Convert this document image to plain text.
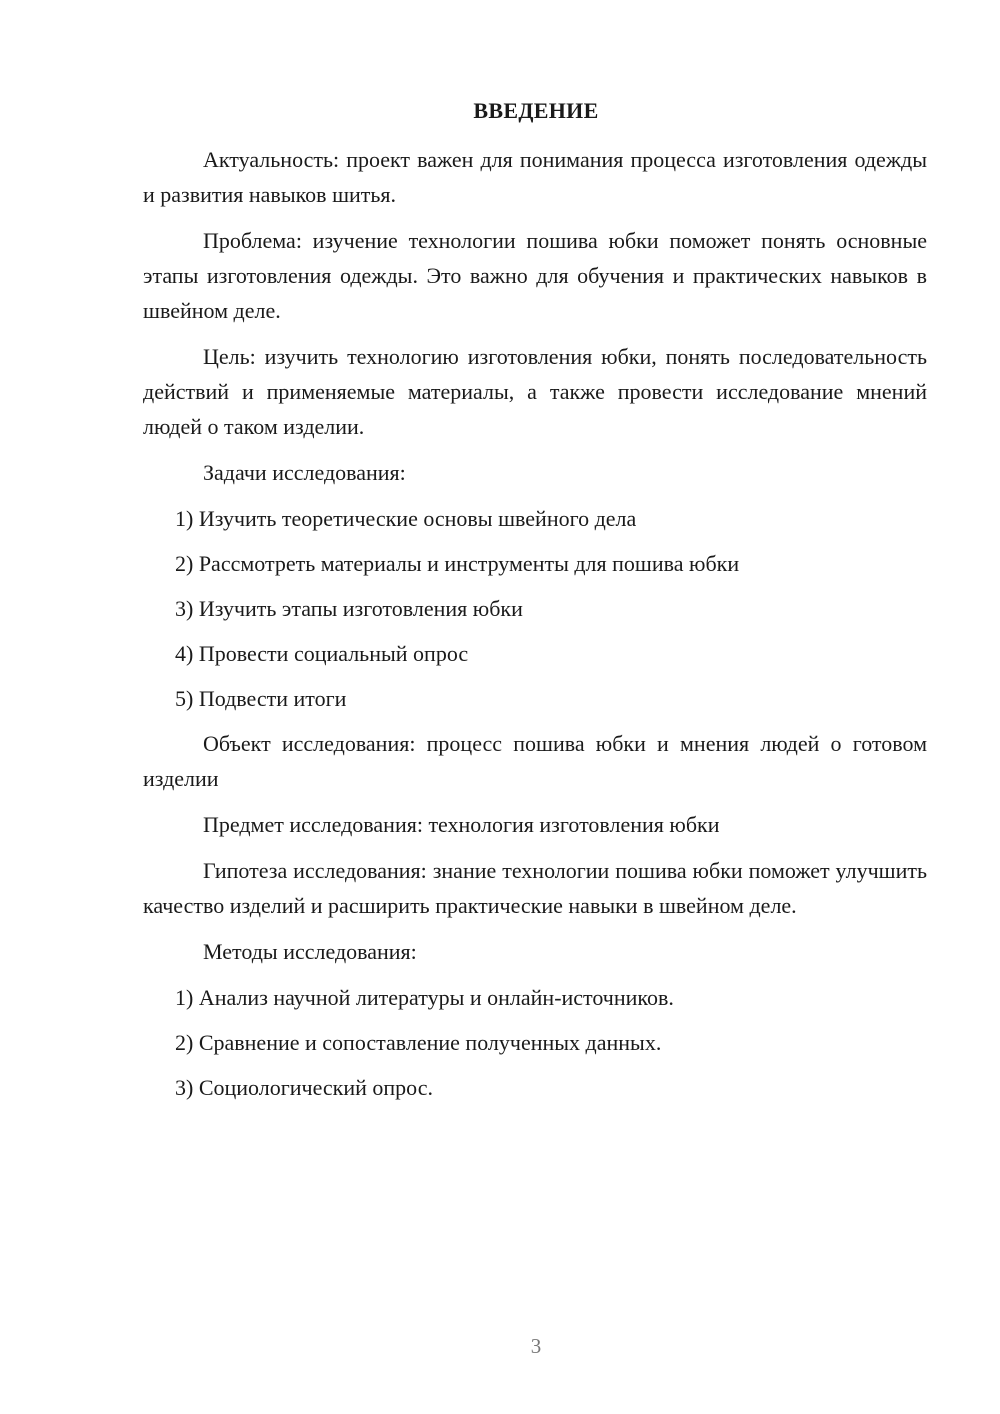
ВВЕДЕНИЕ

Актуальность: проект важен для понимания процесса изготовления одежды и развития навыков шитья.

Проблема: изучение технологии пошива юбки поможет понять основные этапы изготовления одежды. Это важно для обучения и практических навыков в швейном деле.

Цель: изучить технологию изготовления юбки, понять последовательность действий и применяемые материалы, а также провести исследование мнений людей о таком изделии.

Задачи исследования:

1) Изучить теоретические основы швейного дела
2) Рассмотреть материалы и инструменты для пошива юбки
3) Изучить этапы изготовления юбки
4) Провести социальный опрос
5) Подвести итоги

Объект исследования: процесс пошива юбки и мнения людей о готовом изделии

Предмет исследования: технология изготовления юбки

Гипотеза исследования: знание технологии пошива юбки поможет улучшить качество изделий и расширить практические навыки в швейном деле.

Методы исследования:

1) Анализ научной литературы и онлайн-источников.
2) Сравнение и сопоставление полученных данных.
3) Социологический опрос.
3
